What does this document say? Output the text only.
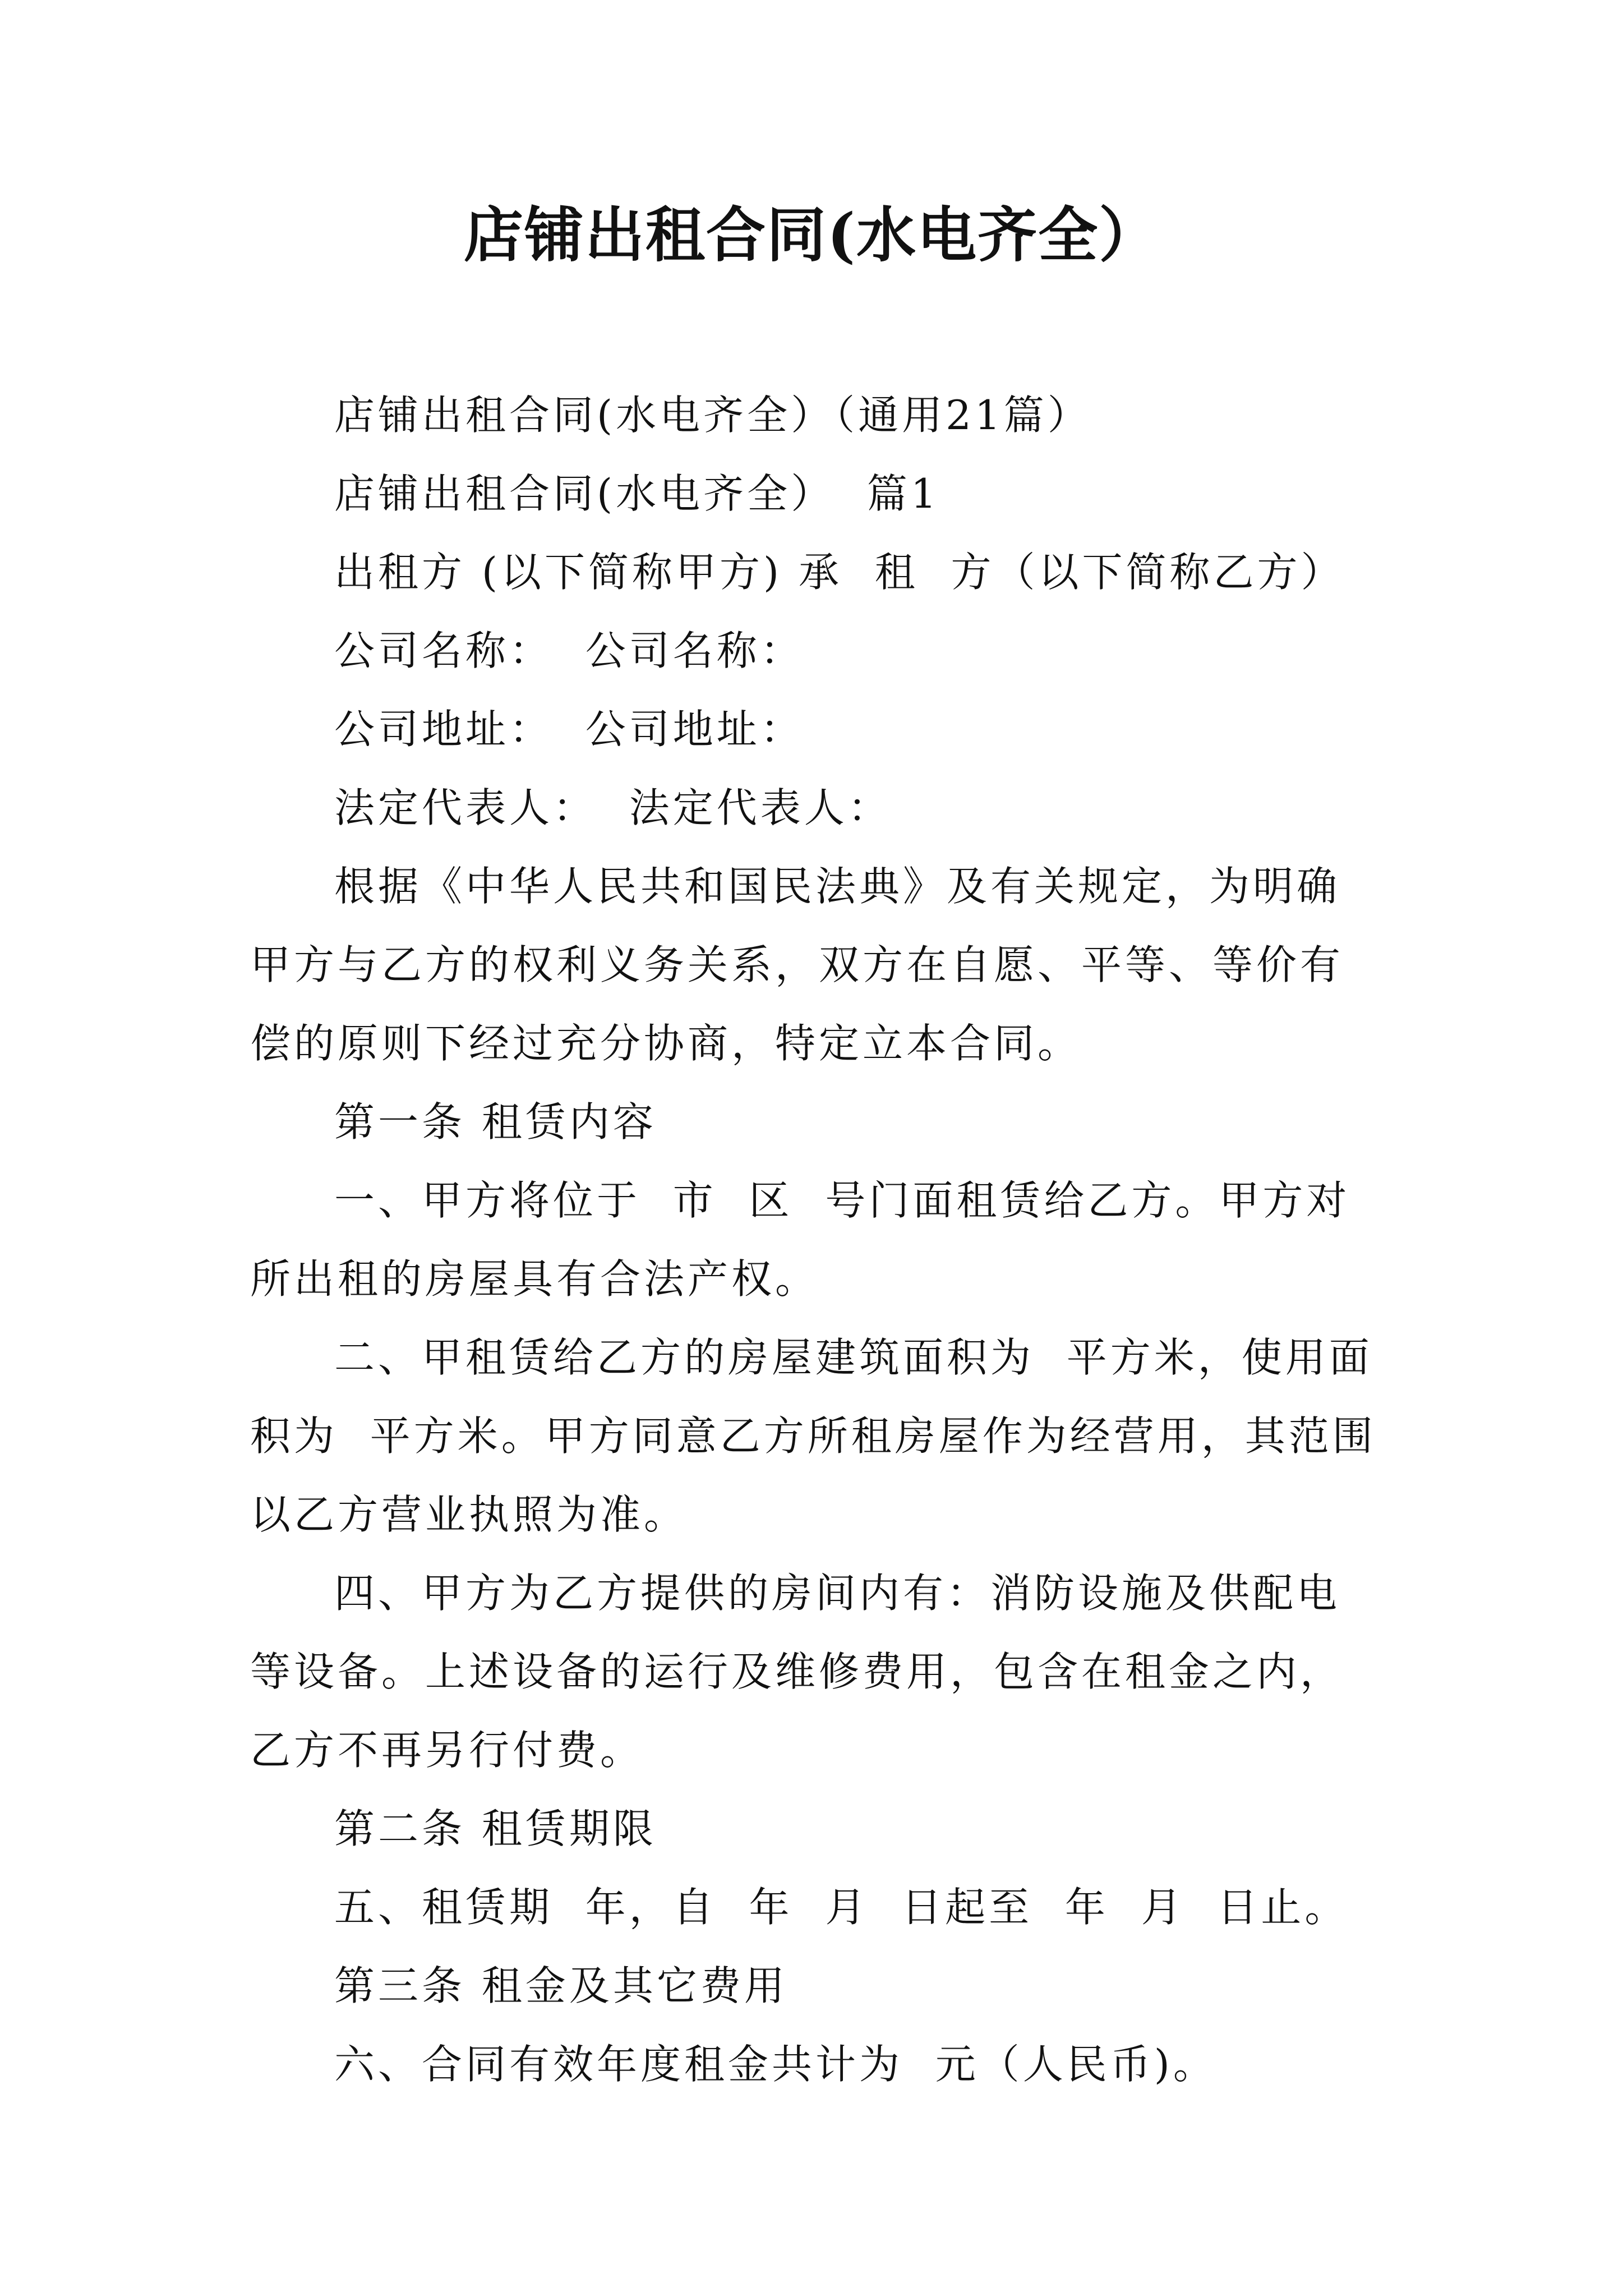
店铺出租合同(水电齐全）

店铺出租合同(水电齐全）（通用21篇）

店铺出租合同(水电齐全）  篇1

出租方 (以下简称甲方) 承  租  方（以下简称乙方）

公司名称：  公司名称：

公司地址：  公司地址：

法定代表人：  法定代表人：

根据《中华人民共和国民法典》及有关规定，为明确甲方与乙方的权利义务关系，双方在自愿、平等、等价有偿的原则下经过充分协商，特定立本合同。

第一条 租赁内容

一、甲方将位于  市  区  号门面租赁给乙方。甲方对所出租的房屋具有合法产权。

二、甲租赁给乙方的房屋建筑面积为  平方米，使用面积为  平方米。甲方同意乙方所租房屋作为经营用，其范围以乙方营业执照为准。

四、甲方为乙方提供的房间内有：消防设施及供配电等设备。上述设备的运行及维修费用，包含在租金之内，乙方不再另行付费。

第二条 租赁期限

五、租赁期  年，自  年  月  日起至  年  月  日止。

第三条 租金及其它费用

六、合同有效年度租金共计为  元（人民币)。
